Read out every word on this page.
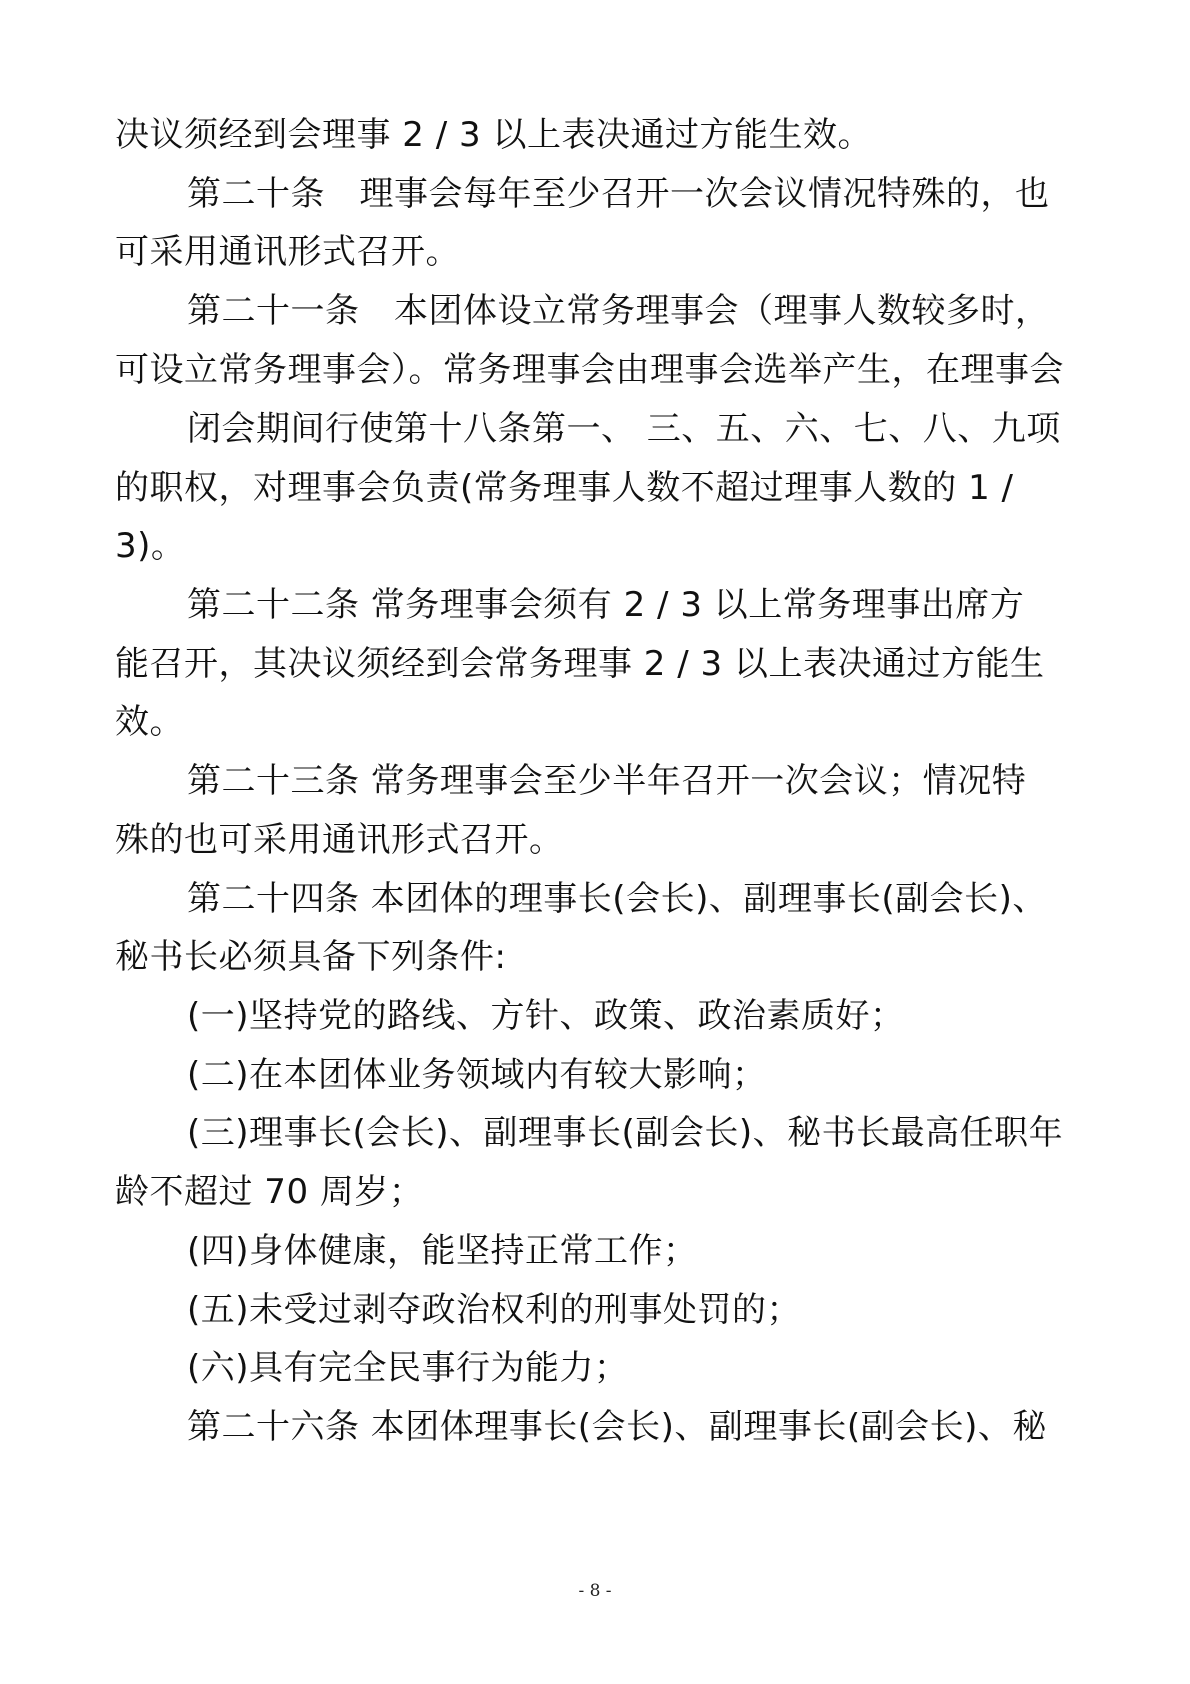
决议须经到会理事 2 / 3 以上表决通过方能生效。
第二十条　理事会每年至少召开一次会议情况特殊的，也
可采用通讯形式召开。
第二十一条　本团体设立常务理事会（理事人数较多时，
可设立常务理事会）。常务理事会由理事会选举产生，在理事会
闭会期间行使第十八条第一、 三、五、六、七、八、九项
的职权，对理事会负责(常务理事人数不超过理事人数的 1 /
3)。
第二十二条 常务理事会须有 2 / 3 以上常务理事出席方
能召开，其决议须经到会常务理事 2 / 3 以上表决通过方能生
效。
第二十三条 常务理事会至少半年召开一次会议；情况特
殊的也可采用通讯形式召开。
第二十四条 本团体的理事长(会长)、副理事长(副会长)、
秘书长必须具备下列条件:
(一)坚持党的路线、方针、政策、政治素质好；
(二)在本团体业务领域内有较大影响；
(三)理事长(会长)、副理事长(副会长)、秘书长最高任职年
龄不超过 70 周岁；
(四)身体健康，能坚持正常工作；
(五)未受过剥夺政治权利的刑事处罚的；
(六)具有完全民事行为能力；
第二十六条 本团体理事长(会长)、副理事长(副会长)、秘
- 8 -
